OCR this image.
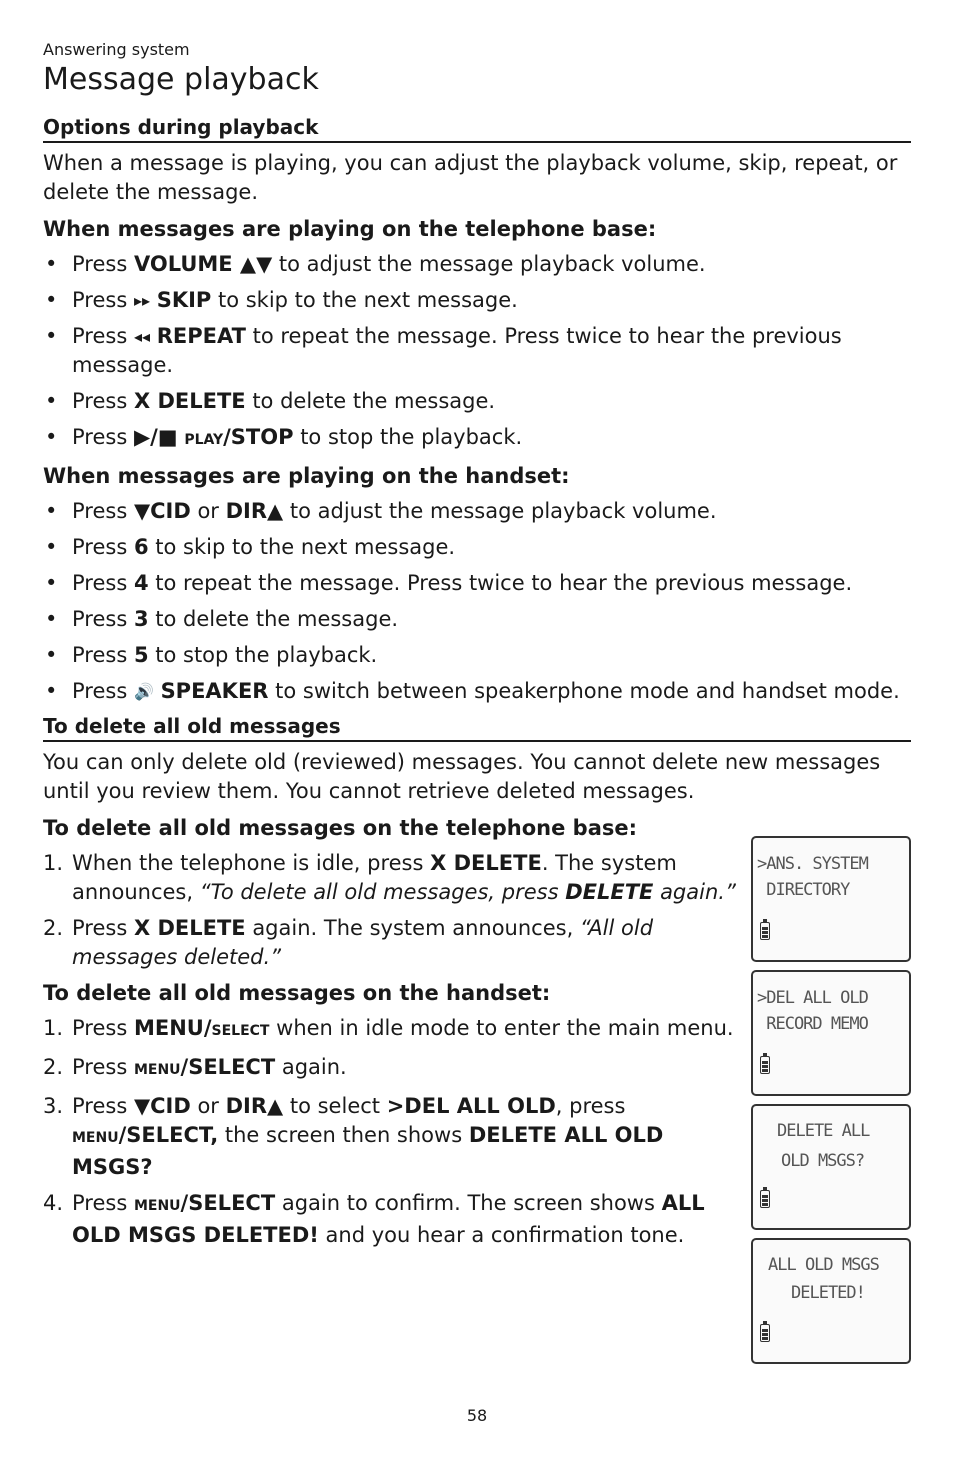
Answering system

Message playback
Options during playback

When a message is playing, you can adjust the playback volume, skip, repeat, or delete the message.

When messages are playing on the telephone base:

• Press VOLUME ▲▼ to adjust the message playback volume.
• Press ▸▸ SKIP to skip to the next message.
• Press ◂◂ REPEAT to repeat the message. Press twice to hear the previous message.
• Press X DELETE to delete the message.
• Press ▶/■ PLAY/STOP to stop the playback.

When messages are playing on the handset:

• Press ▼CID or DIR▲ to adjust the message playback volume.
• Press 6 to skip to the next message.
• Press 4 to repeat the message. Press twice to hear the previous message.
• Press 3 to delete the message.
• Press 5 to stop the playback.
• Press 🔊 SPEAKER to switch between speakerphone mode and handset mode.
To delete all old messages

You can only delete old (reviewed) messages. You cannot delete new messages until you review them. You cannot retrieve deleted messages.

To delete all old messages on the telephone base:

1. When the telephone is idle, press X DELETE. The system announces, “To delete all old messages, press DELETE again.”
2. Press X DELETE again. The system announces, “All old messages deleted.”

To delete all old messages on the handset:

1. Press MENU/SELECT when in idle mode to enter the main menu.
2. Press MENU/SELECT again.
3. Press ▼CID or DIR▲ to select >DEL ALL OLD, press MENU/SELECT, the screen then shows DELETE ALL OLD MSGS?
4. Press MENU/SELECT again to confirm. The screen shows ALL OLD MSGS DELETED! and you hear a confirmation tone.
>ANS. SYSTEM
DIRECTORY
>DEL ALL OLD
RECORD MEMO
DELETE ALL
OLD MSGS?
ALL OLD MSGS
DELETED!
58
